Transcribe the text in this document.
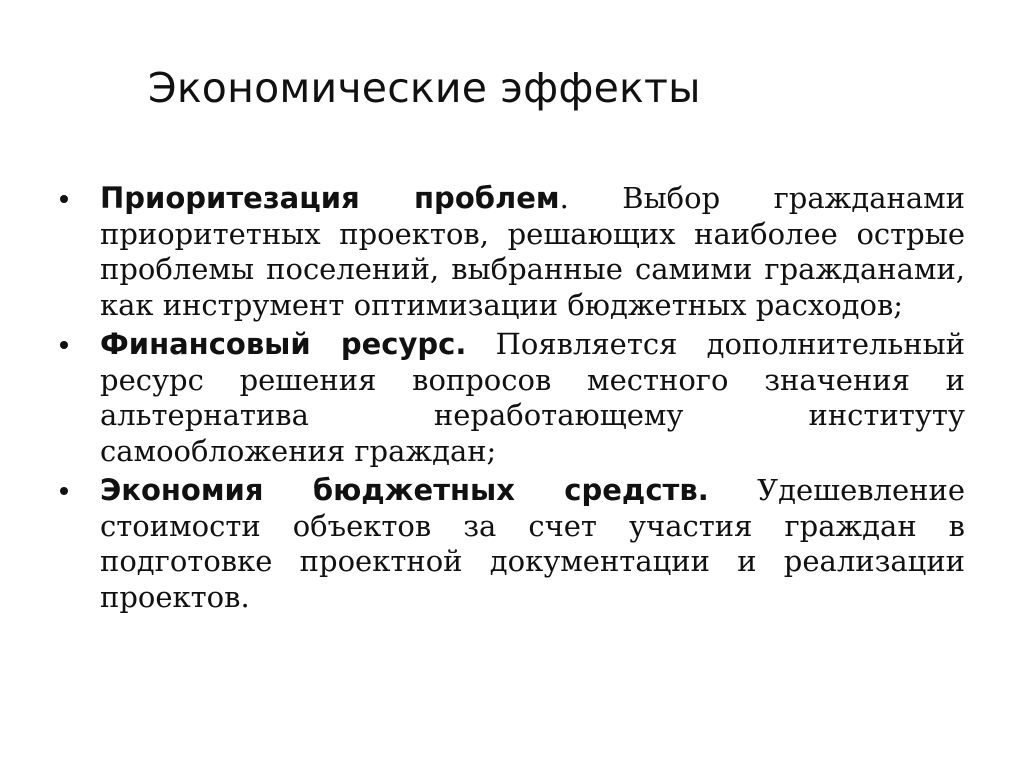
Экономические эффекты
Приоритезация проблем. Выбор гражданами приоритетных проектов, решающих наиболее острые проблемы поселений, выбранные самими гражданами, как инструмент оптимизации бюджетных расходов;
Финансовый ресурс. Появляется дополнительный ресурс решения вопросов местного значения и альтернатива неработающему институту самообложения граждан;
Экономия бюджетных средств. Удешевление стоимости объектов за счет участия граждан в подготовке проектной документации и реализации проектов.
